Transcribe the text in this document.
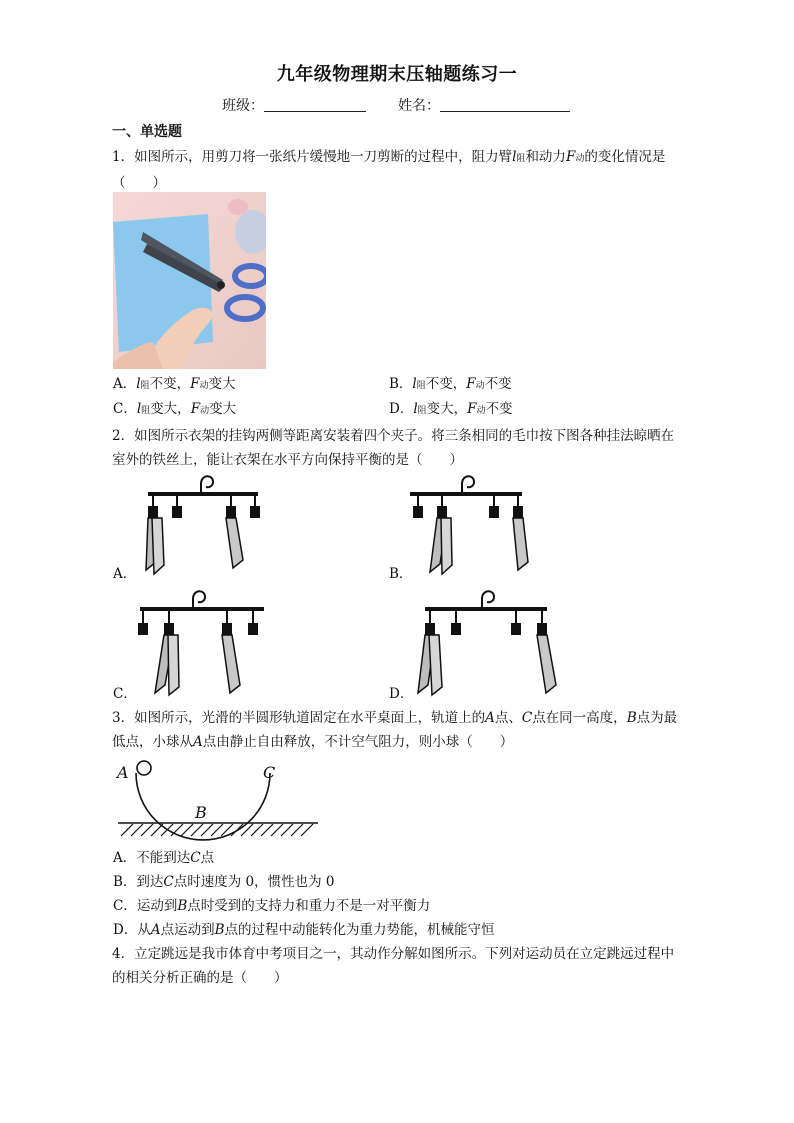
九年级物理期末压轴题练习一
班级：	姓名：
一、单选题
1．如图所示，用剪刀将一张纸片缓慢地一刀剪断的过程中，阻力臂l阻和动力F动的变化情况是（　　）
A．l阻不变，F动变大	B．l阻不变，F动不变
C．l阻变大，F动变大	D．l阻变大，F动不变
2．如图所示衣架的挂钩两侧等距离安装着四个夹子。将三条相同的毛巾按下图各种挂法晾晒在室外的铁丝上，能让衣架在水平方向保持平衡的是（　　）
A．	B．
C．	D．
3．如图所示，光滑的半圆形轨道固定在水平桌面上，轨道上的A点、C点在同一高度，B点为最低点，小球从A点由静止自由释放，不计空气阻力，则小球（　　）
A	C
B
A．不能到达C点
B．到达C点时速度为 0，惯性也为 0
C．运动到B点时受到的支持力和重力不是一对平衡力
D．从A点运动到B点的过程中动能转化为重力势能，机械能守恒
4．立定跳远是我市体育中考项目之一，其动作分解如图所示。下列对运动员在立定跳远过程中的相关分析正确的是（　　）
